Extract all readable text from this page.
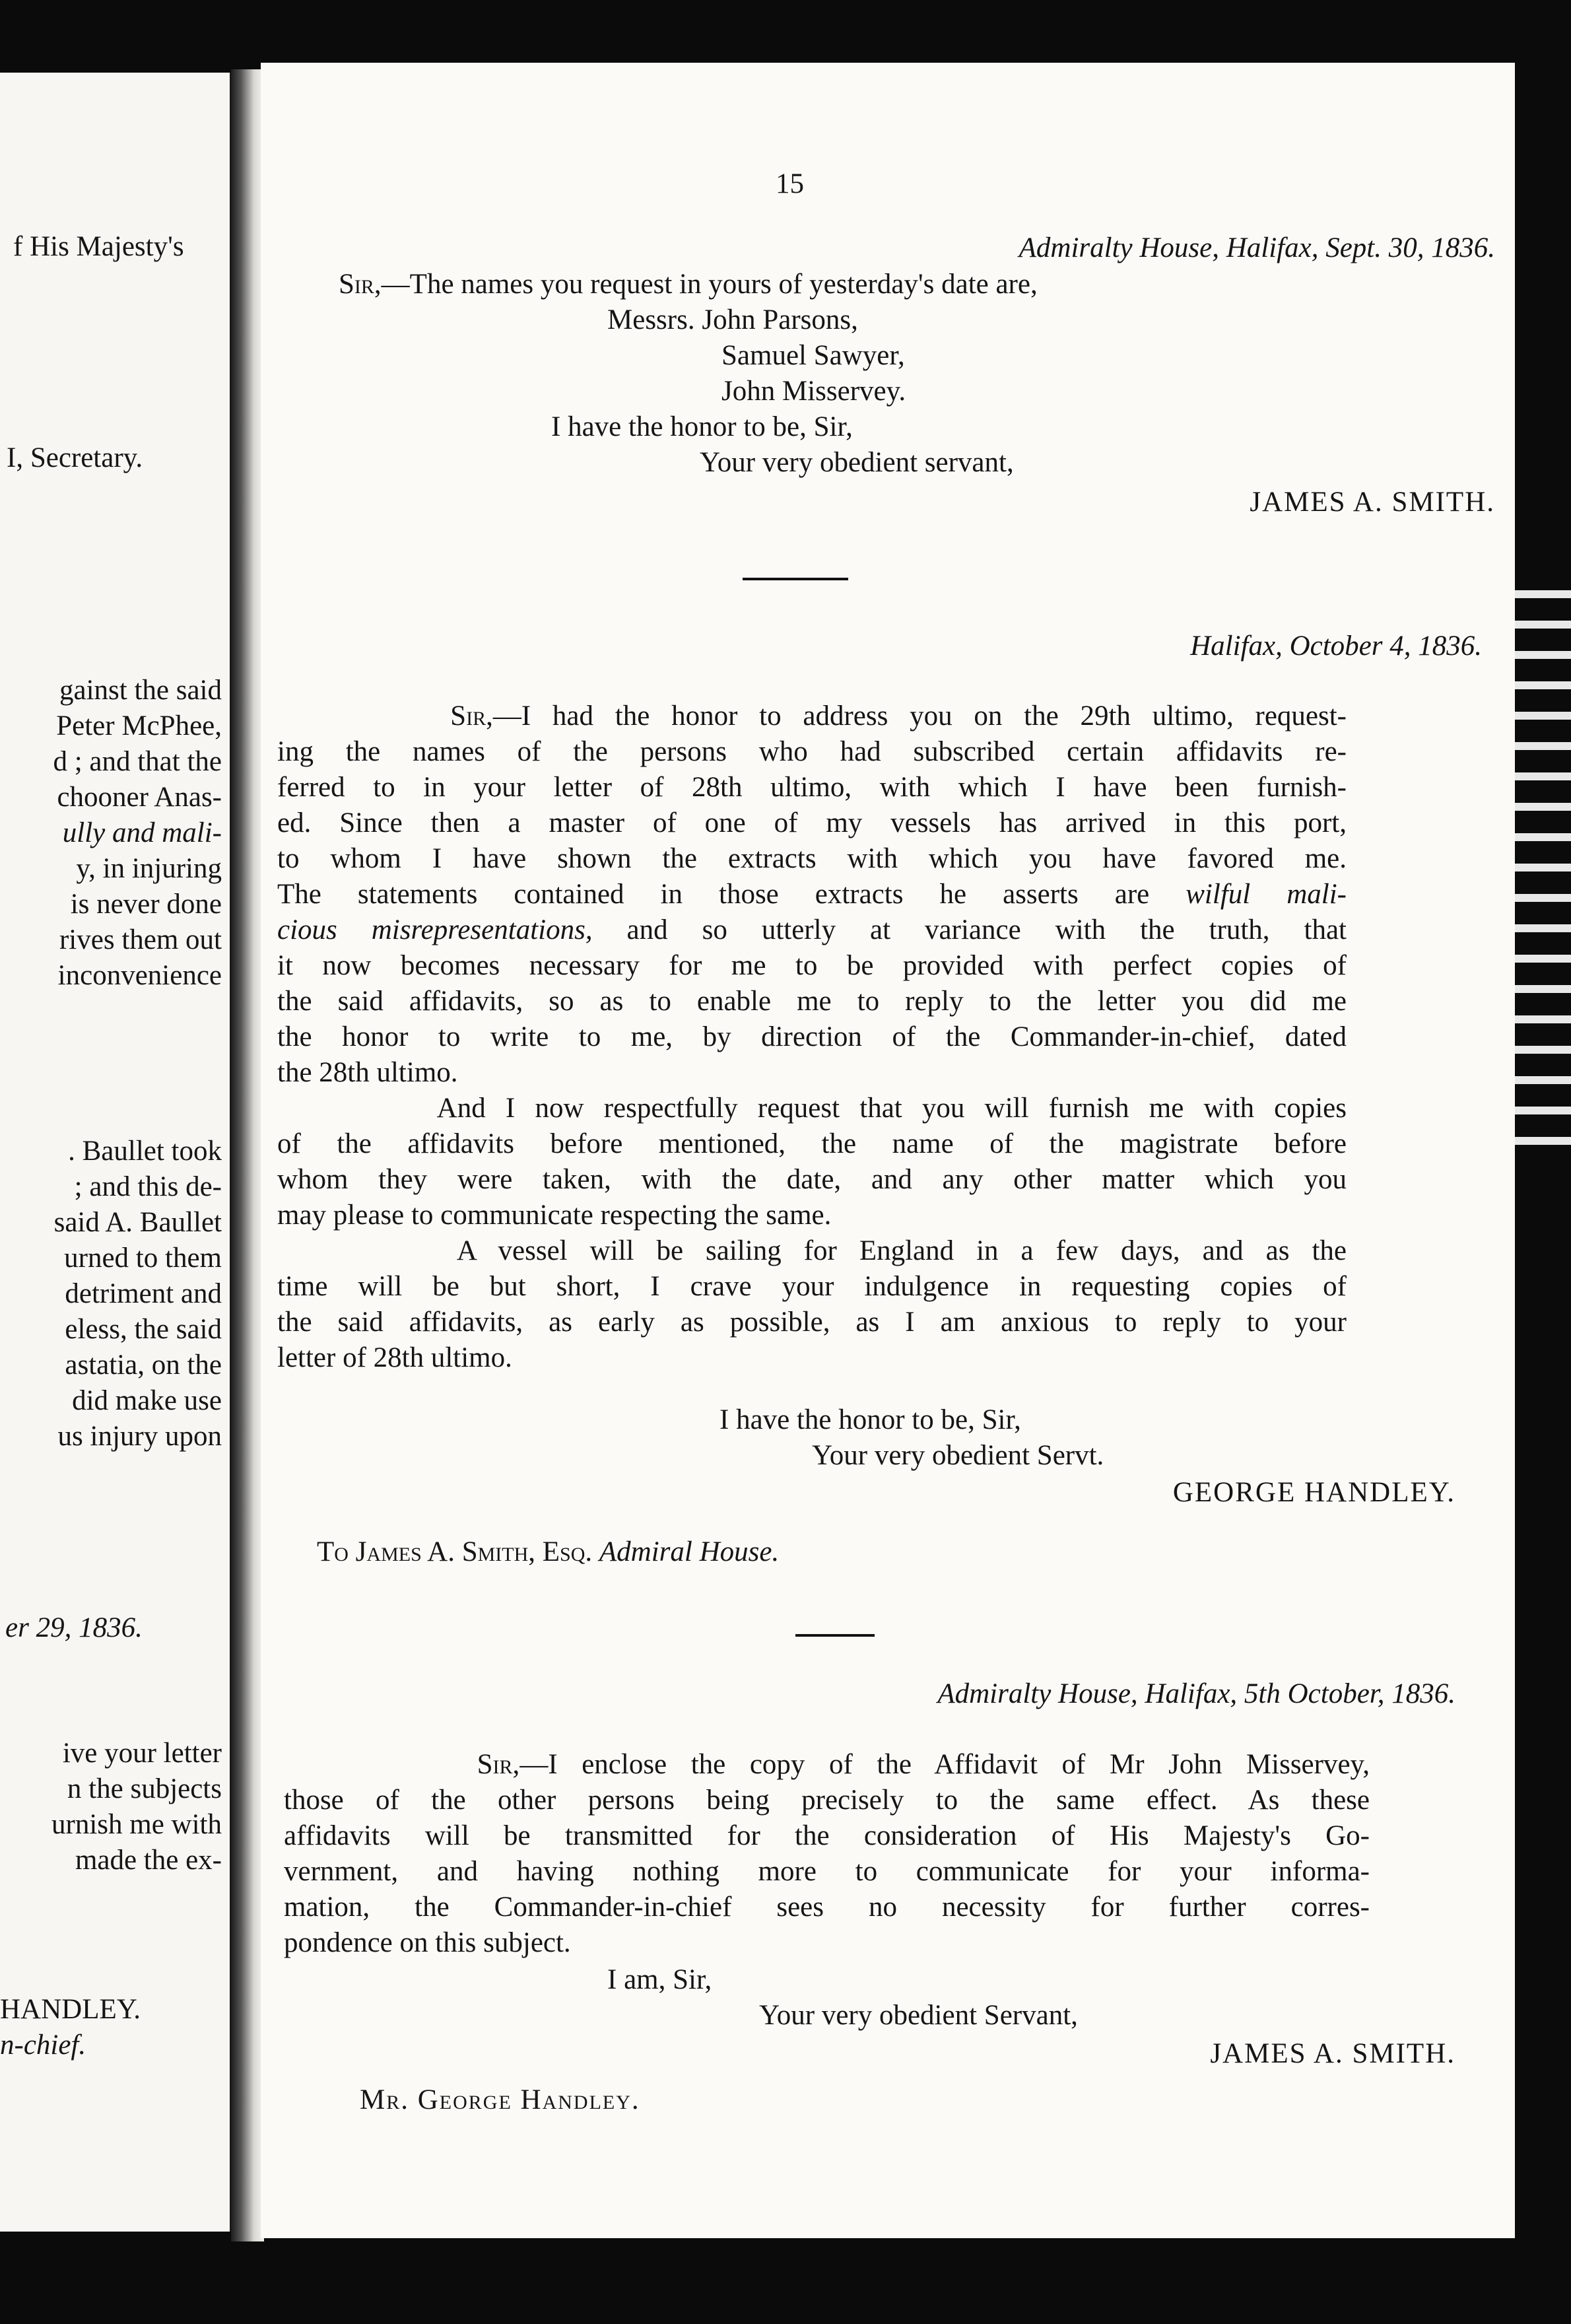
f His Majesty's
I, Secretary.
gainst the said
Peter McPhee,
d ; and that the
chooner Anas-
ully and mali-
y, in injuring
is never done
rives them out
inconvenience
. Baullet took
; and this de-
said A. Baullet
urned to them
detriment and
eless, the said
astatia, on the
did make use
us injury upon
er 29, 1836.
ive your letter
n the subjects
urnish me with
made the ex-
HANDLEY.
n-chief.
15
Admiralty House, Halifax, Sept. 30, 1836.
Sir,—The names you request in yours of yesterday's date are,
Messrs. John Parsons,
Samuel Sawyer,
John Misservey.
I have the honor to be, Sir,
Your very obedient servant,
JAMES A. SMITH.
Halifax, October 4, 1836.
Sir,—I had the honor to address you on the 29th ultimo, request-
ing the names of the persons who had subscribed certain affidavits re-
ferred to in your letter of 28th ultimo, with which I have been furnish-
ed. Since then a master of one of my vessels has arrived in this port,
to whom I have shown the extracts with which you have favored me.
The statements contained in those extracts he asserts are wilful mali-
cious misrepresentations, and so utterly at variance with the truth, that
it now becomes necessary for me to be provided with perfect copies of
the said affidavits, so as to enable me to reply to the letter you did me
the honor to write to me, by direction of the Commander-in-chief, dated
the 28th ultimo.
And I now respectfully request that you will furnish me with copies
of the affidavits before mentioned, the name of the magistrate before
whom they were taken, with the date, and any other matter which you
may please to communicate respecting the same.
A vessel will be sailing for England in a few days, and as the
time will be but short, I crave your indulgence in requesting copies of
the said affidavits, as early as possible, as I am anxious to reply to your
letter of 28th ultimo.
I have the honor to be, Sir,
Your very obedient Servt.
GEORGE HANDLEY.
To James A. Smith, Esq. Admiral House.
Admiralty House, Halifax, 5th October, 1836.
Sir,—I enclose the copy of the Affidavit of Mr John Misservey,
those of the other persons being precisely to the same effect. As these
affidavits will be transmitted for the consideration of His Majesty's Go-
vernment, and having nothing more to communicate for your informa-
mation, the Commander-in-chief sees no necessity for further corres-
pondence on this subject.
I am, Sir,
Your very obedient Servant,
JAMES A. SMITH.
Mr. George Handley.
